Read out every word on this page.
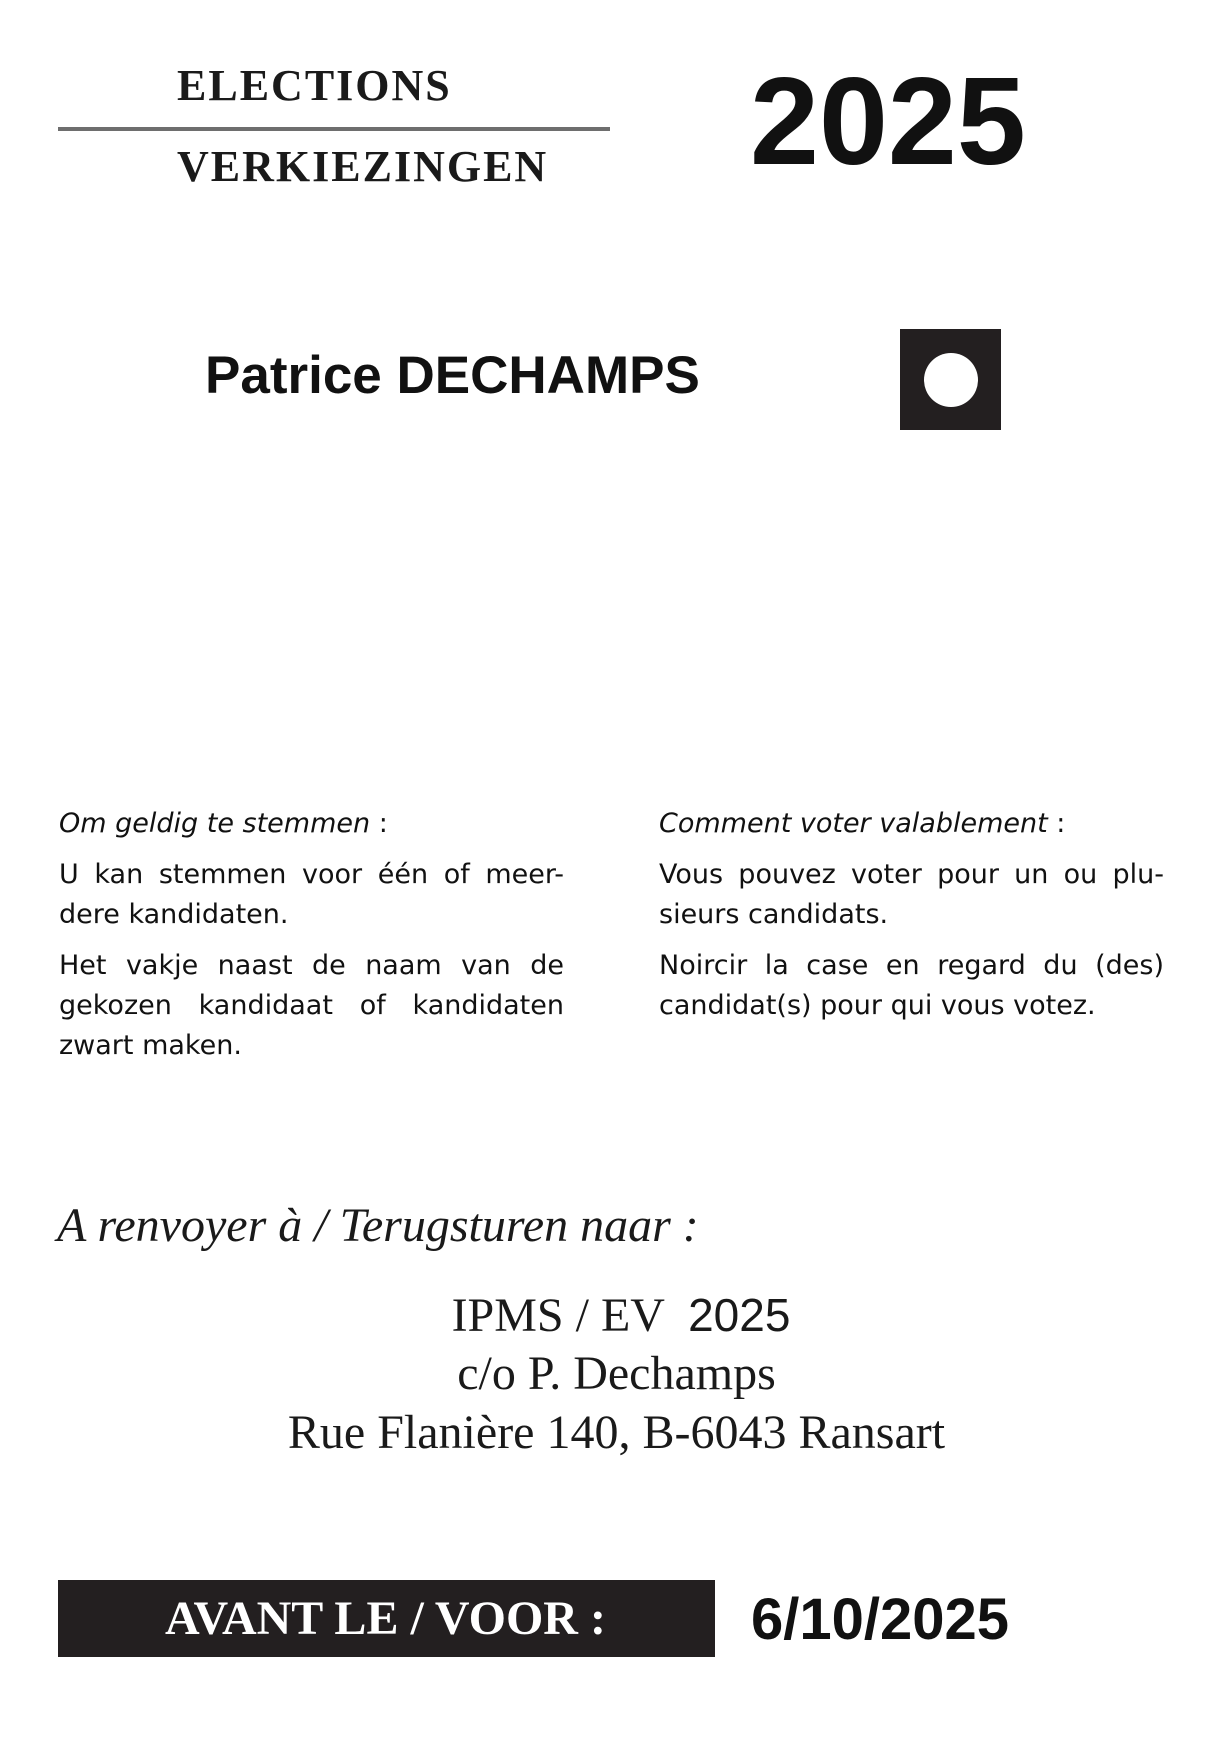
ELECTIONS
VERKIEZINGEN 2025
Patrice DECHAMPS
Om geldig te stemmen :

U kan stemmen voor één of meer-dere kandidaten.

Het vakje naast de naam van de gekozen kandidaat of kandidaten zwart maken.

Comment voter valablement :

Vous pouvez voter pour un ou plu-sieurs candidats.

Noircir la case en regard du (des) candidat(s) pour qui vous votez.

A renvoyer à / Terugsturen naar :
IPMS / EV  2025
c/o P. Dechamps
Rue Flanière 140, B-6043 Ransart
AVANT LE / VOOR :	6/10/2025
